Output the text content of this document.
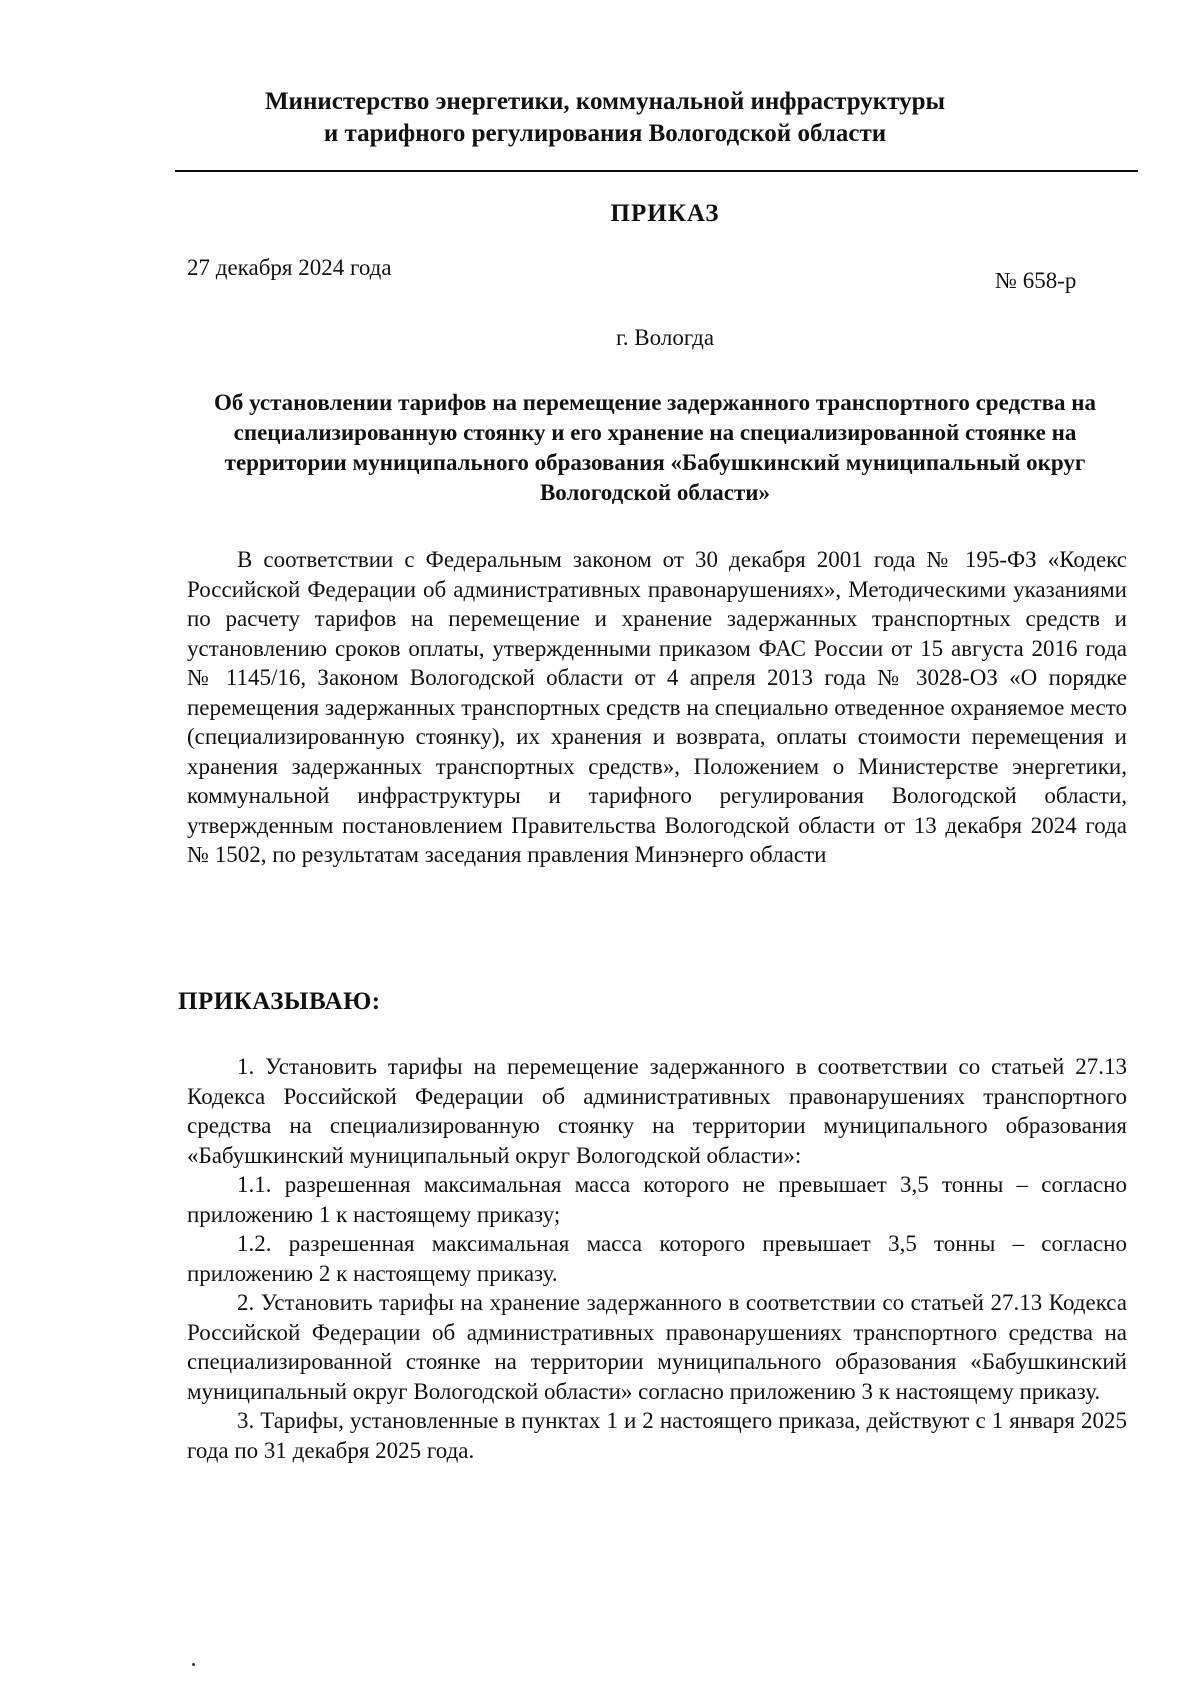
Министерство энергетики, коммунальной инфраструктуры
и тарифного регулирования Вологодской области
ПРИКАЗ
27 декабря 2024 года
№ 658-р
г. Вологда
Об установлении тарифов на перемещение задержанного транспортного средства на специализированную стоянку и его хранение на специализированной стоянке на территории муниципального образования «Бабушкинский муниципальный округ Вологодской области»
В соответствии с Федеральным законом от 30 декабря 2001 года № 195-ФЗ «Кодекс Российской Федерации об административных правонарушениях», Методическими указаниями по расчету тарифов на перемещение и хранение задержанных транспортных средств и установлению сроков оплаты, утвержденными приказом ФАС России от 15 августа 2016 года № 1145/16, Законом Вологодской области от 4 апреля 2013 года № 3028-ОЗ «О порядке перемещения задержанных транспортных средств на специально отведенное охраняемое место (специализированную стоянку), их хранения и возврата, оплаты стоимости перемещения и хранения задержанных транспортных средств», Положением о Министерстве энергетики, коммунальной инфраструктуры и тарифного регулирования Вологодской области, утвержденным постановлением Правительства Вологодской области от 13 декабря 2024 года № 1502, по результатам заседания правления Минэнерго области
ПРИКАЗЫВАЮ:

1. Установить тарифы на перемещение задержанного в соответствии со статьей 27.13 Кодекса Российской Федерации об административных правонарушениях транспортного средства на специализированную стоянку на территории муниципального образования «Бабушкинский муниципальный округ Вологодской области»:

1.1. разрешенная максимальная масса которого не превышает 3,5 тонны – согласно приложению 1 к настоящему приказу;

1.2. разрешенная максимальная масса которого превышает 3,5 тонны – согласно приложению 2 к настоящему приказу.

2. Установить тарифы на хранение задержанного в соответствии со статьей 27.13 Кодекса Российской Федерации об административных правонарушениях транспортного средства на специализированной стоянке на территории муниципального образования «Бабушкинский муниципальный округ Вологодской области» согласно приложению 3 к настоящему приказу.

3. Тарифы, установленные в пунктах 1 и 2 настоящего приказа, действуют с 1 января 2025 года по 31 декабря 2025 года.
